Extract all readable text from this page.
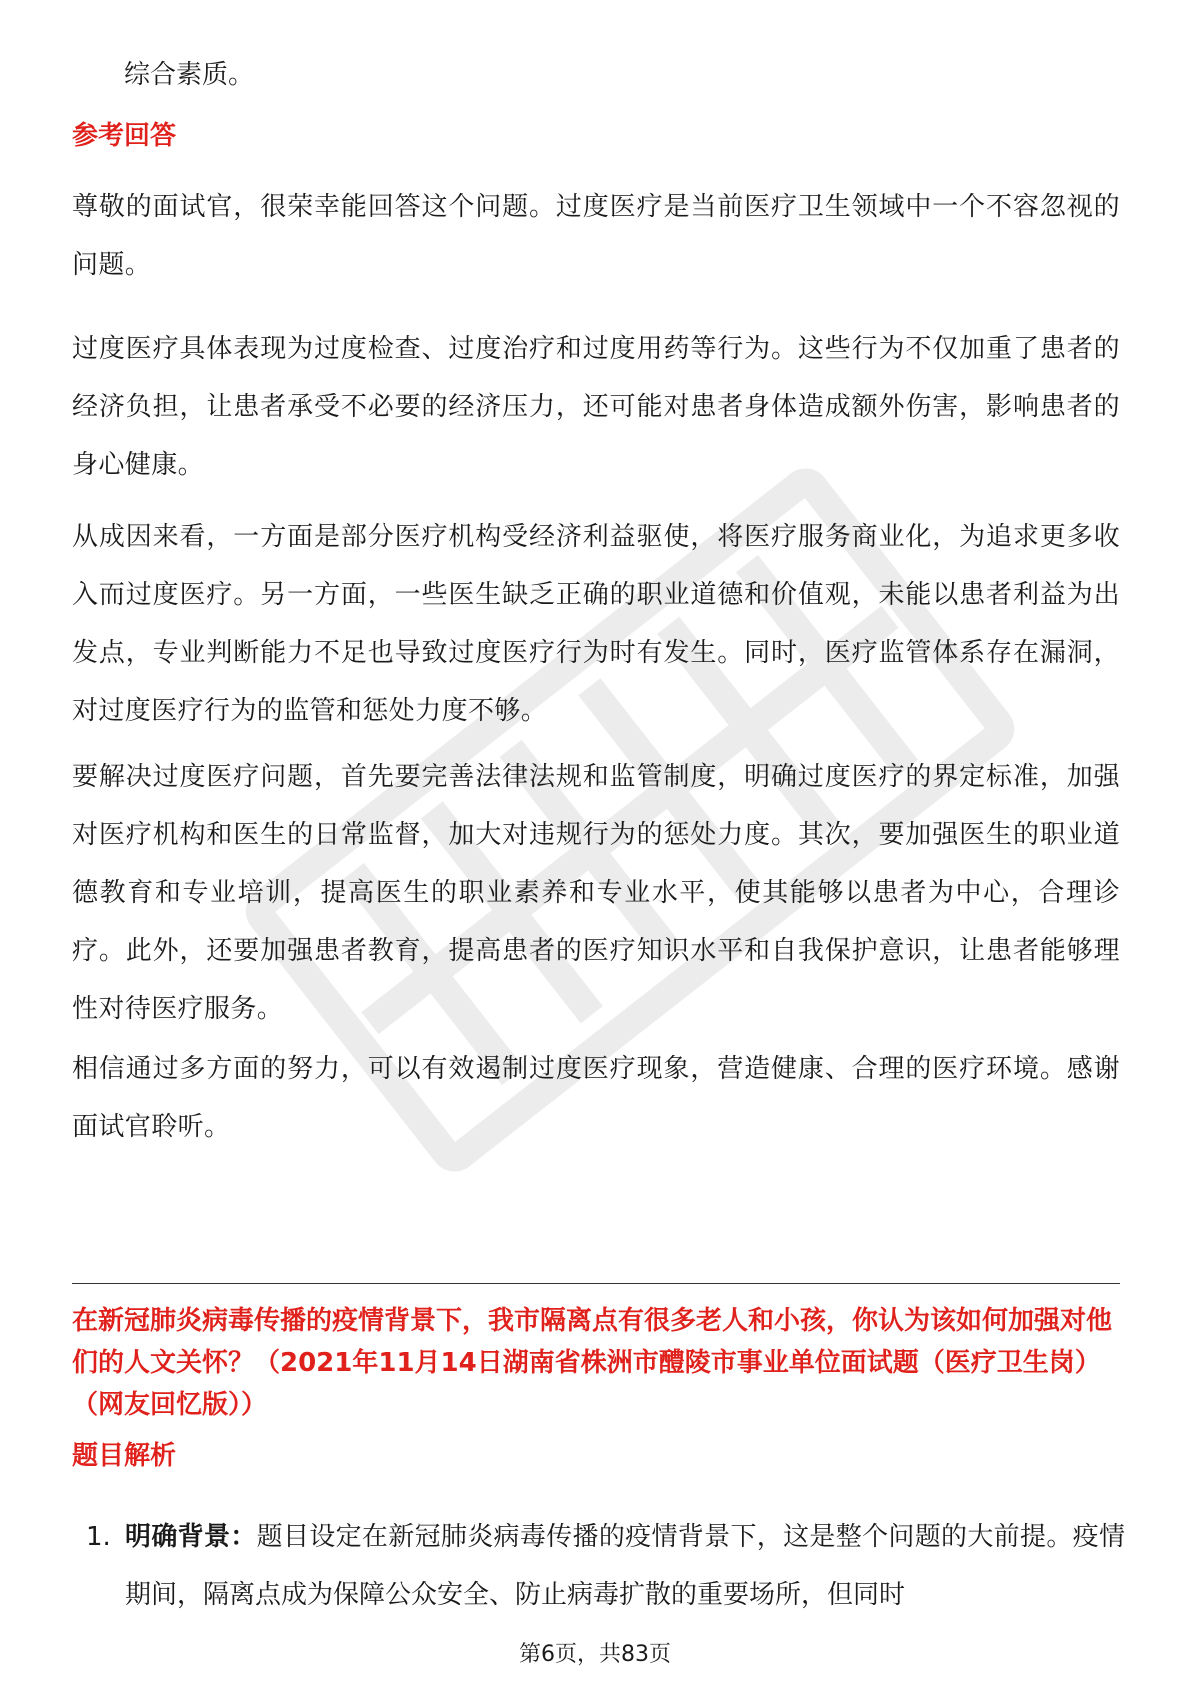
综合素质。

参考回答

尊敬的面试官，很荣幸能回答这个问题。过度医疗是当前医疗卫生领域中一个不容忽视的问题。

过度医疗具体表现为过度检查、过度治疗和过度用药等行为。这些行为不仅加重了患者的经济负担，让患者承受不必要的经济压力，还可能对患者身体造成额外伤害，影响患者的身心健康。

从成因来看，一方面是部分医疗机构受经济利益驱使，将医疗服务商业化，为追求更多收入而过度医疗。另一方面，一些医生缺乏正确的职业道德和价值观，未能以患者利益为出发点，专业判断能力不足也导致过度医疗行为时有发生。同时，医疗监管体系存在漏洞，对过度医疗行为的监管和惩处力度不够。

要解决过度医疗问题，首先要完善法律法规和监管制度，明确过度医疗的界定标准，加强对医疗机构和医生的日常监督，加大对违规行为的惩处力度。其次，要加强医生的职业道德教育和专业培训，提高医生的职业素养和专业水平，使其能够以患者为中心，合理诊疗。此外，还要加强患者教育，提高患者的医疗知识水平和自我保护意识，让患者能够理性对待医疗服务。

相信通过多方面的努力，可以有效遏制过度医疗现象，营造健康、合理的医疗环境。感谢面试官聆听。

在新冠肺炎病毒传播的疫情背景下，我市隔离点有很多老人和小孩，你认为该如何加强对他们的人文关怀？（2021年11月14日湖南省株洲市醴陵市事业单位面试题（医疗卫生岗）（网友回忆版））

题目解析

1. 明确背景：题目设定在新冠肺炎病毒传播的疫情背景下，这是整个问题的大前提。疫情期间，隔离点成为保障公众安全、防止病毒扩散的重要场所，但同时

第6页，共83页
